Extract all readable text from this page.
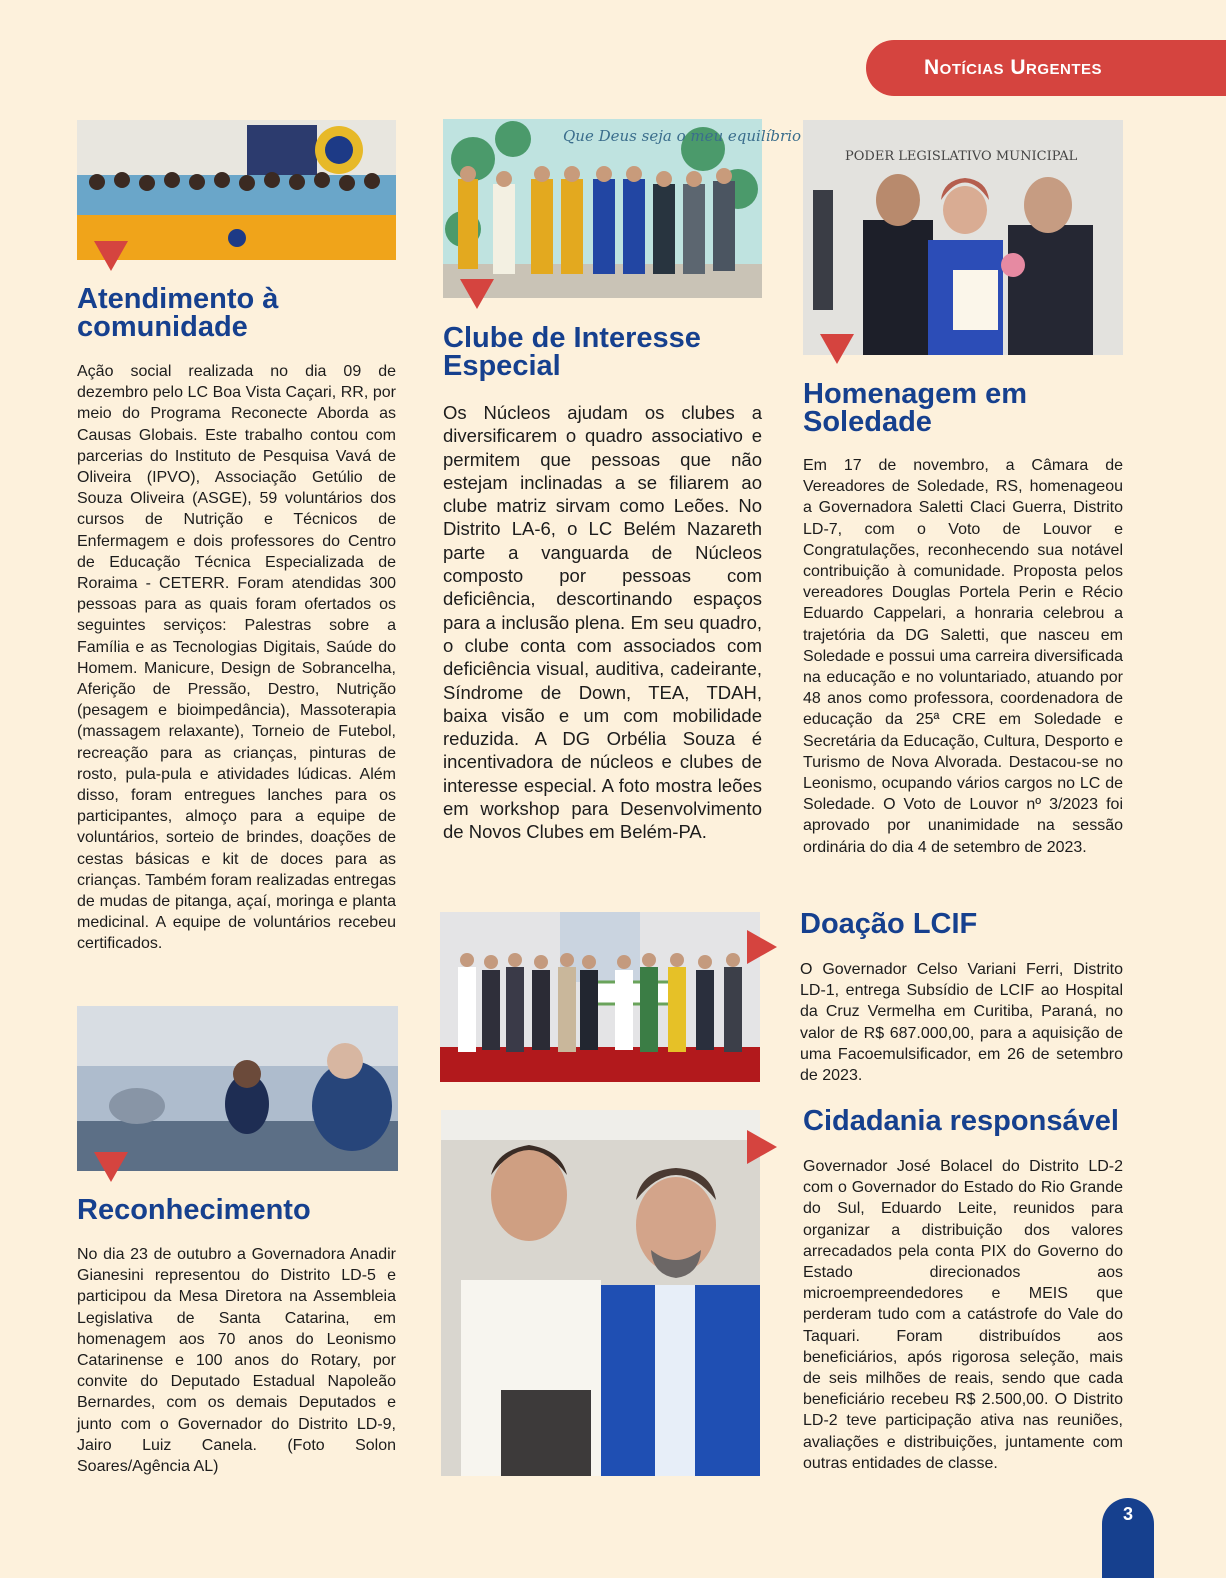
Notícias Urgentes
Atendimento à comunidade

Ação social realizada no dia 09 de dezembro pelo LC Boa Vista Caçari, RR, por meio do Programa Reconecte Aborda as Causas Globais. Este trabalho contou com parcerias do Instituto de Pesquisa Vavá de Oliveira (IPVO), Associação Getúlio de Souza Oliveira (ASGE), 59 voluntários dos cursos de Nutrição e Técnicos de Enfermagem e dois professores do Centro de Educação Técnica Especializada de Roraima - CETERR. Foram atendidas 300 pessoas para as quais foram ofertados os seguintes serviços: Palestras sobre a Família e as Tecnologias Digitais, Saúde do Homem. Manicure, Design de Sobrancelha, Aferição de Pressão, Destro, Nutrição (pesagem e bioimpedância), Massoterapia (massagem relaxante), Torneio de Futebol, recreação para as crianças, pinturas de rosto, pula-pula e atividades lúdicas. Além disso, foram entregues lanches para os participantes, almoço para a equipe de voluntários, sorteio de brindes, doações de cestas básicas e kit de doces para as crianças. Também foram realizadas entregas de mudas de pitanga, açaí, moringa e planta medicinal. A equipe de voluntários recebeu certificados.

Reconhecimento

No dia 23 de outubro a Governadora Anadir Gianesini representou do Distrito LD-5 e participou da Mesa Diretora na Assembleia Legislativa de Santa Catarina, em homenagem aos 70 anos do Leonismo Catarinense e 100 anos do Rotary, por convite do Deputado Estadual Napoleão Bernardes, com os demais Deputados e junto com o Governador do Distrito LD-9, Jairo Luiz Canela. (Foto Solon Soares/Agência AL)

Que Deus seja o meu equilíbrio
Clube de Interesse Especial

Os Núcleos ajudam os clubes a diversificarem o quadro associativo e permitem que pessoas que não estejam inclinadas a se filiarem ao clube matriz sirvam como Leões. No Distrito LA-6, o LC Belém Nazareth parte a vanguarda de Núcleos composto por pessoas com deficiência, descortinando espaços para a inclusão plena. Em seu quadro, o clube conta com associados com deficiência visual, auditiva, cadeirante, Síndrome de Down, TEA, TDAH, baixa visão e um com mobilidade reduzida. A DG Orbélia Souza é incentivadora de núcleos e clubes de interesse especial. A foto mostra leões em workshop para Desenvolvimento de Novos Clubes em Belém-PA.

PODER LEGISLATIVO MUNICIPAL
Homenagem em Soledade

Em 17 de novembro, a Câmara de Vereadores de Soledade, RS, homenageou a Governadora Saletti Claci Guerra, Distrito LD-7, com o Voto de Louvor e Congratulações, reconhecendo sua notável contribuição à comunidade. Proposta pelos vereadores Douglas Portela Perin e Récio Eduardo Cappelari, a honraria celebrou a trajetória da DG Saletti, que nasceu em Soledade e possui uma carreira diversificada na educação e no voluntariado, atuando por 48 anos como professora, coordenadora de educação da 25ª CRE em Soledade e Secretária da Educação, Cultura, Desporto e Turismo de Nova Alvorada. Destacou-se no Leonismo, ocupando vários cargos no LC de Soledade. O Voto de Louvor nº 3/2023 foi aprovado por unanimidade na sessão ordinária do dia 4 de setembro de 2023.

Doação LCIF

O Governador Celso Variani Ferri, Distrito LD-1, entrega Subsídio de LCIF ao Hospital da Cruz Vermelha em Curitiba, Paraná, no valor de R$ 687.000,00, para a aquisição de uma Facoemulsificador, em 26 de setembro de 2023.

Cidadania responsável

Governador José Bolacel do Distrito LD-2 com o Governador do Estado do Rio Grande do Sul, Eduardo Leite, reunidos para organizar a distribuição dos valores arrecadados pela conta PIX do Governo do Estado direcionados aos microempreendedores e MEIS que perderam tudo com a catástrofe do Vale do Taquari. Foram distribuídos aos beneficiários, após rigorosa seleção, mais de seis milhões de reais, sendo que cada beneficiário recebeu R$ 2.500,00. O Distrito LD-2 teve participação ativa nas reuniões, avaliações e distribuições, juntamente com outras entidades de classe.

3
